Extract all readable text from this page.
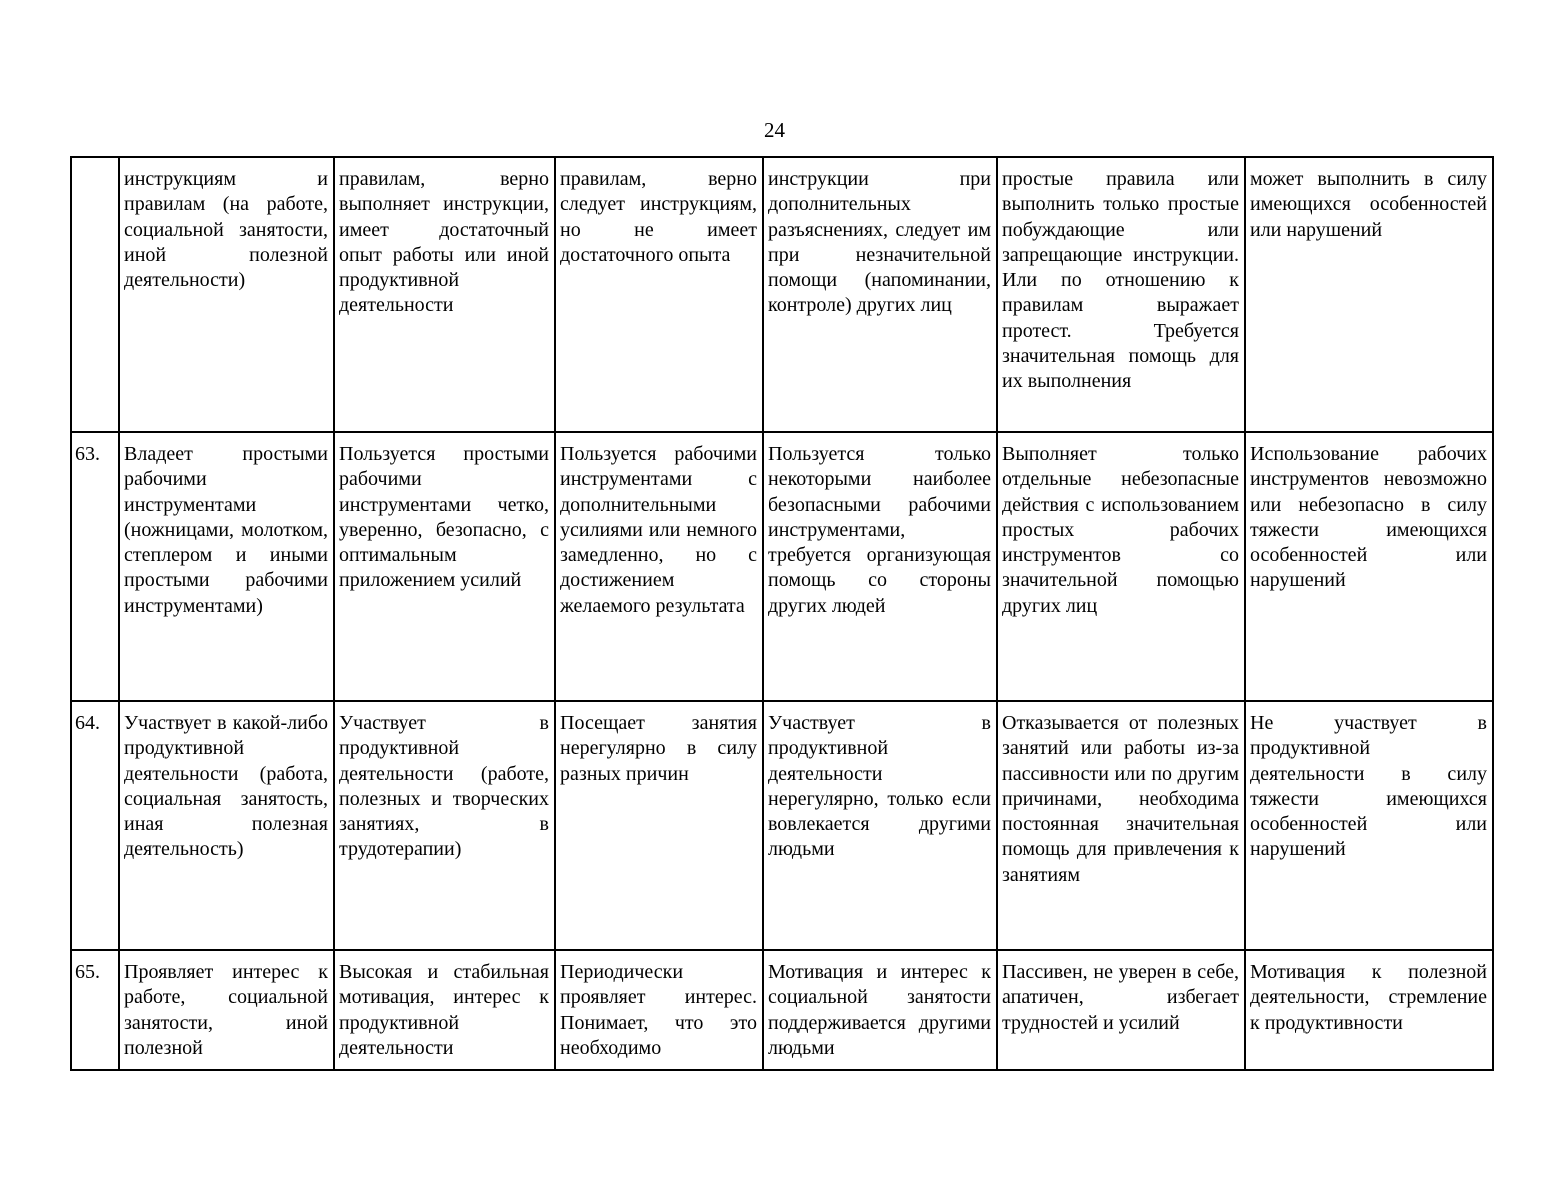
24
	инструкциям и правилам (на работе, социальной занятости, иной полезной деятельности)	правилам, верно выполняет инструкции, имеет достаточный опыт работы или иной продуктивной деятельности	правилам, верно следует инструкциям, но не имеет достаточного опыта	инструкции при дополнительных разъяснениях, следует им при незначительной помощи (напоминании, контроле) других лиц	простые правила или выполнить только простые побуждающие или запрещающие инструкции. Или по отношению к правилам выражает протест. Требуется значительная помощь для их выполнения	может выполнить в силу имеющихся особенностей или нарушений
63.	Владеет простыми рабочими инструментами (ножницами, молотком, степлером и иными простыми рабочими инструментами)	Пользуется простыми рабочими инструментами четко, уверенно, безопасно, с оптимальным приложением усилий	Пользуется рабочими инструментами с дополнительными усилиями или немного замедленно, но с достижением желаемого результата	Пользуется только некоторыми наиболее безопасными рабочими инструментами, требуется организующая помощь со стороны других людей	Выполняет только отдельные небезопасные действия с использованием простых рабочих инструментов со значительной помощью других лиц	Использование рабочих инструментов невозможно или небезопасно в силу тяжести имеющихся особенностей или нарушений
64.	Участвует в какой-либо продуктивной деятельности (работа, социальная занятость, иная полезная деятельность)	Участвует в продуктивной деятельности (работе, полезных и творческих занятиях, в трудотерапии)	Посещает занятия нерегулярно в силу разных причин	Участвует в продуктивной деятельности нерегулярно, только если вовлекается другими людьми	Отказывается от полезных занятий или работы из-за пассивности или по другим причинами, необходима постоянная значительная помощь для привлечения к занятиям	Не участвует в продуктивной деятельности в силу тяжести имеющихся особенностей или нарушений
65.	Проявляет интерес к работе, социальной занятости, иной полезной	Высокая и стабильная мотивация, интерес к продуктивной деятельности	Периодически проявляет интерес. Понимает, что это необходимо	Мотивация и интерес к социальной занятости поддерживается другими людьми	Пассивен, не уверен в себе, апатичен, избегает трудностей и усилий	Мотивация к полезной деятельности, стремление к продуктивности
